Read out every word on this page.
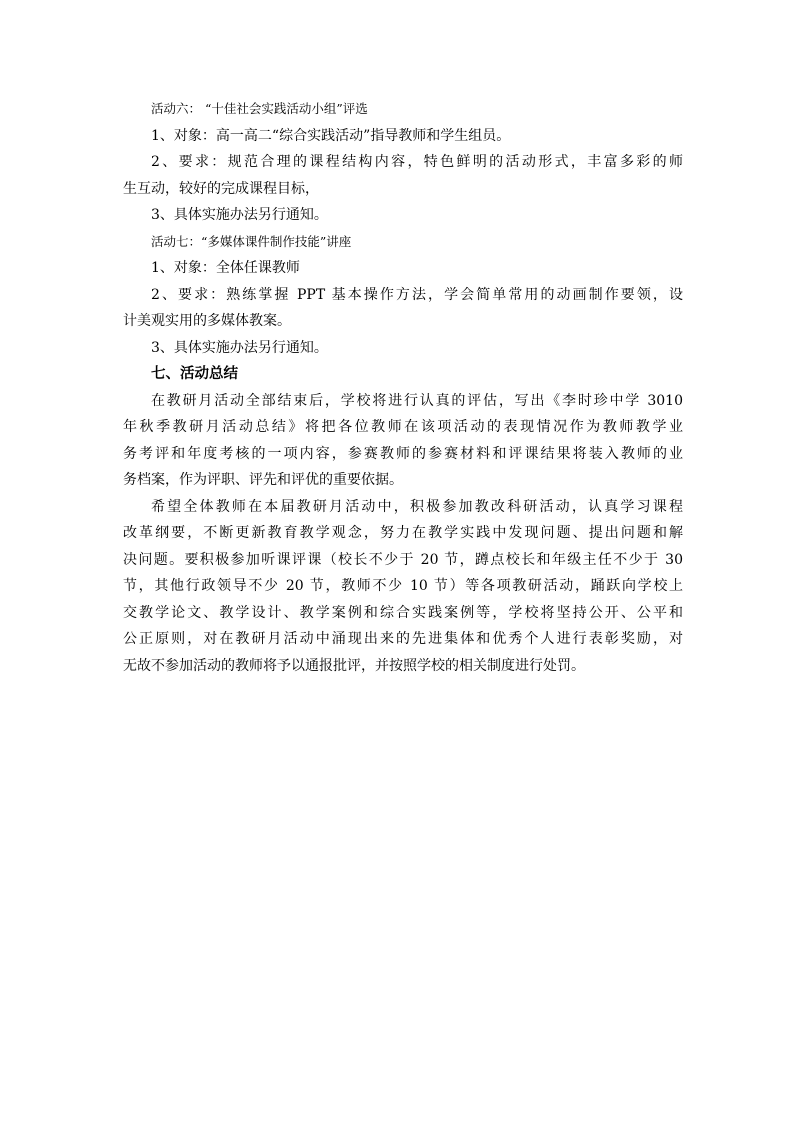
活动六： “十佳社会实践活动小组”评选

1、对象：高一高二“综合实践活动”指导教师和学生组员。

2、要求：规范合理的课程结构内容，特色鲜明的活动形式，丰富多彩的师

生互动，较好的完成课程目标，

3、具体实施办法另行通知。

活动七：“多媒体课件制作技能”讲座

1、对象：全体任课教师

2、要求：熟练掌握 PPT 基本操作方法，学会简单常用的动画制作要领，设

计美观实用的多媒体教案。

3、具体实施办法另行通知。

七、活动总结

在教研月活动全部结束后，学校将进行认真的评估，写出《李时珍中学 3010

年秋季教研月活动总结》将把各位教师在该项活动的表现情况作为教师教学业

务考评和年度考核的一项内容，参赛教师的参赛材料和评课结果将装入教师的业

务档案，作为评职、评先和评优的重要依据。

希望全体教师在本届教研月活动中，积极参加教改科研活动，认真学习课程

改革纲要，不断更新教育教学观念，努力在教学实践中发现问题、提出问题和解

决问题。要积极参加听课评课（校长不少于 20 节，蹲点校长和年级主任不少于 30

节，其他行政领导不少 20 节，教师不少 10 节）等各项教研活动，踊跃向学校上

交教学论文、教学设计、教学案例和综合实践案例等，学校将坚持公开、公平和

公正原则，对在教研月活动中涌现出来的先进集体和优秀个人进行表彰奖励，对

无故不参加活动的教师将予以通报批评，并按照学校的相关制度进行处罚。
